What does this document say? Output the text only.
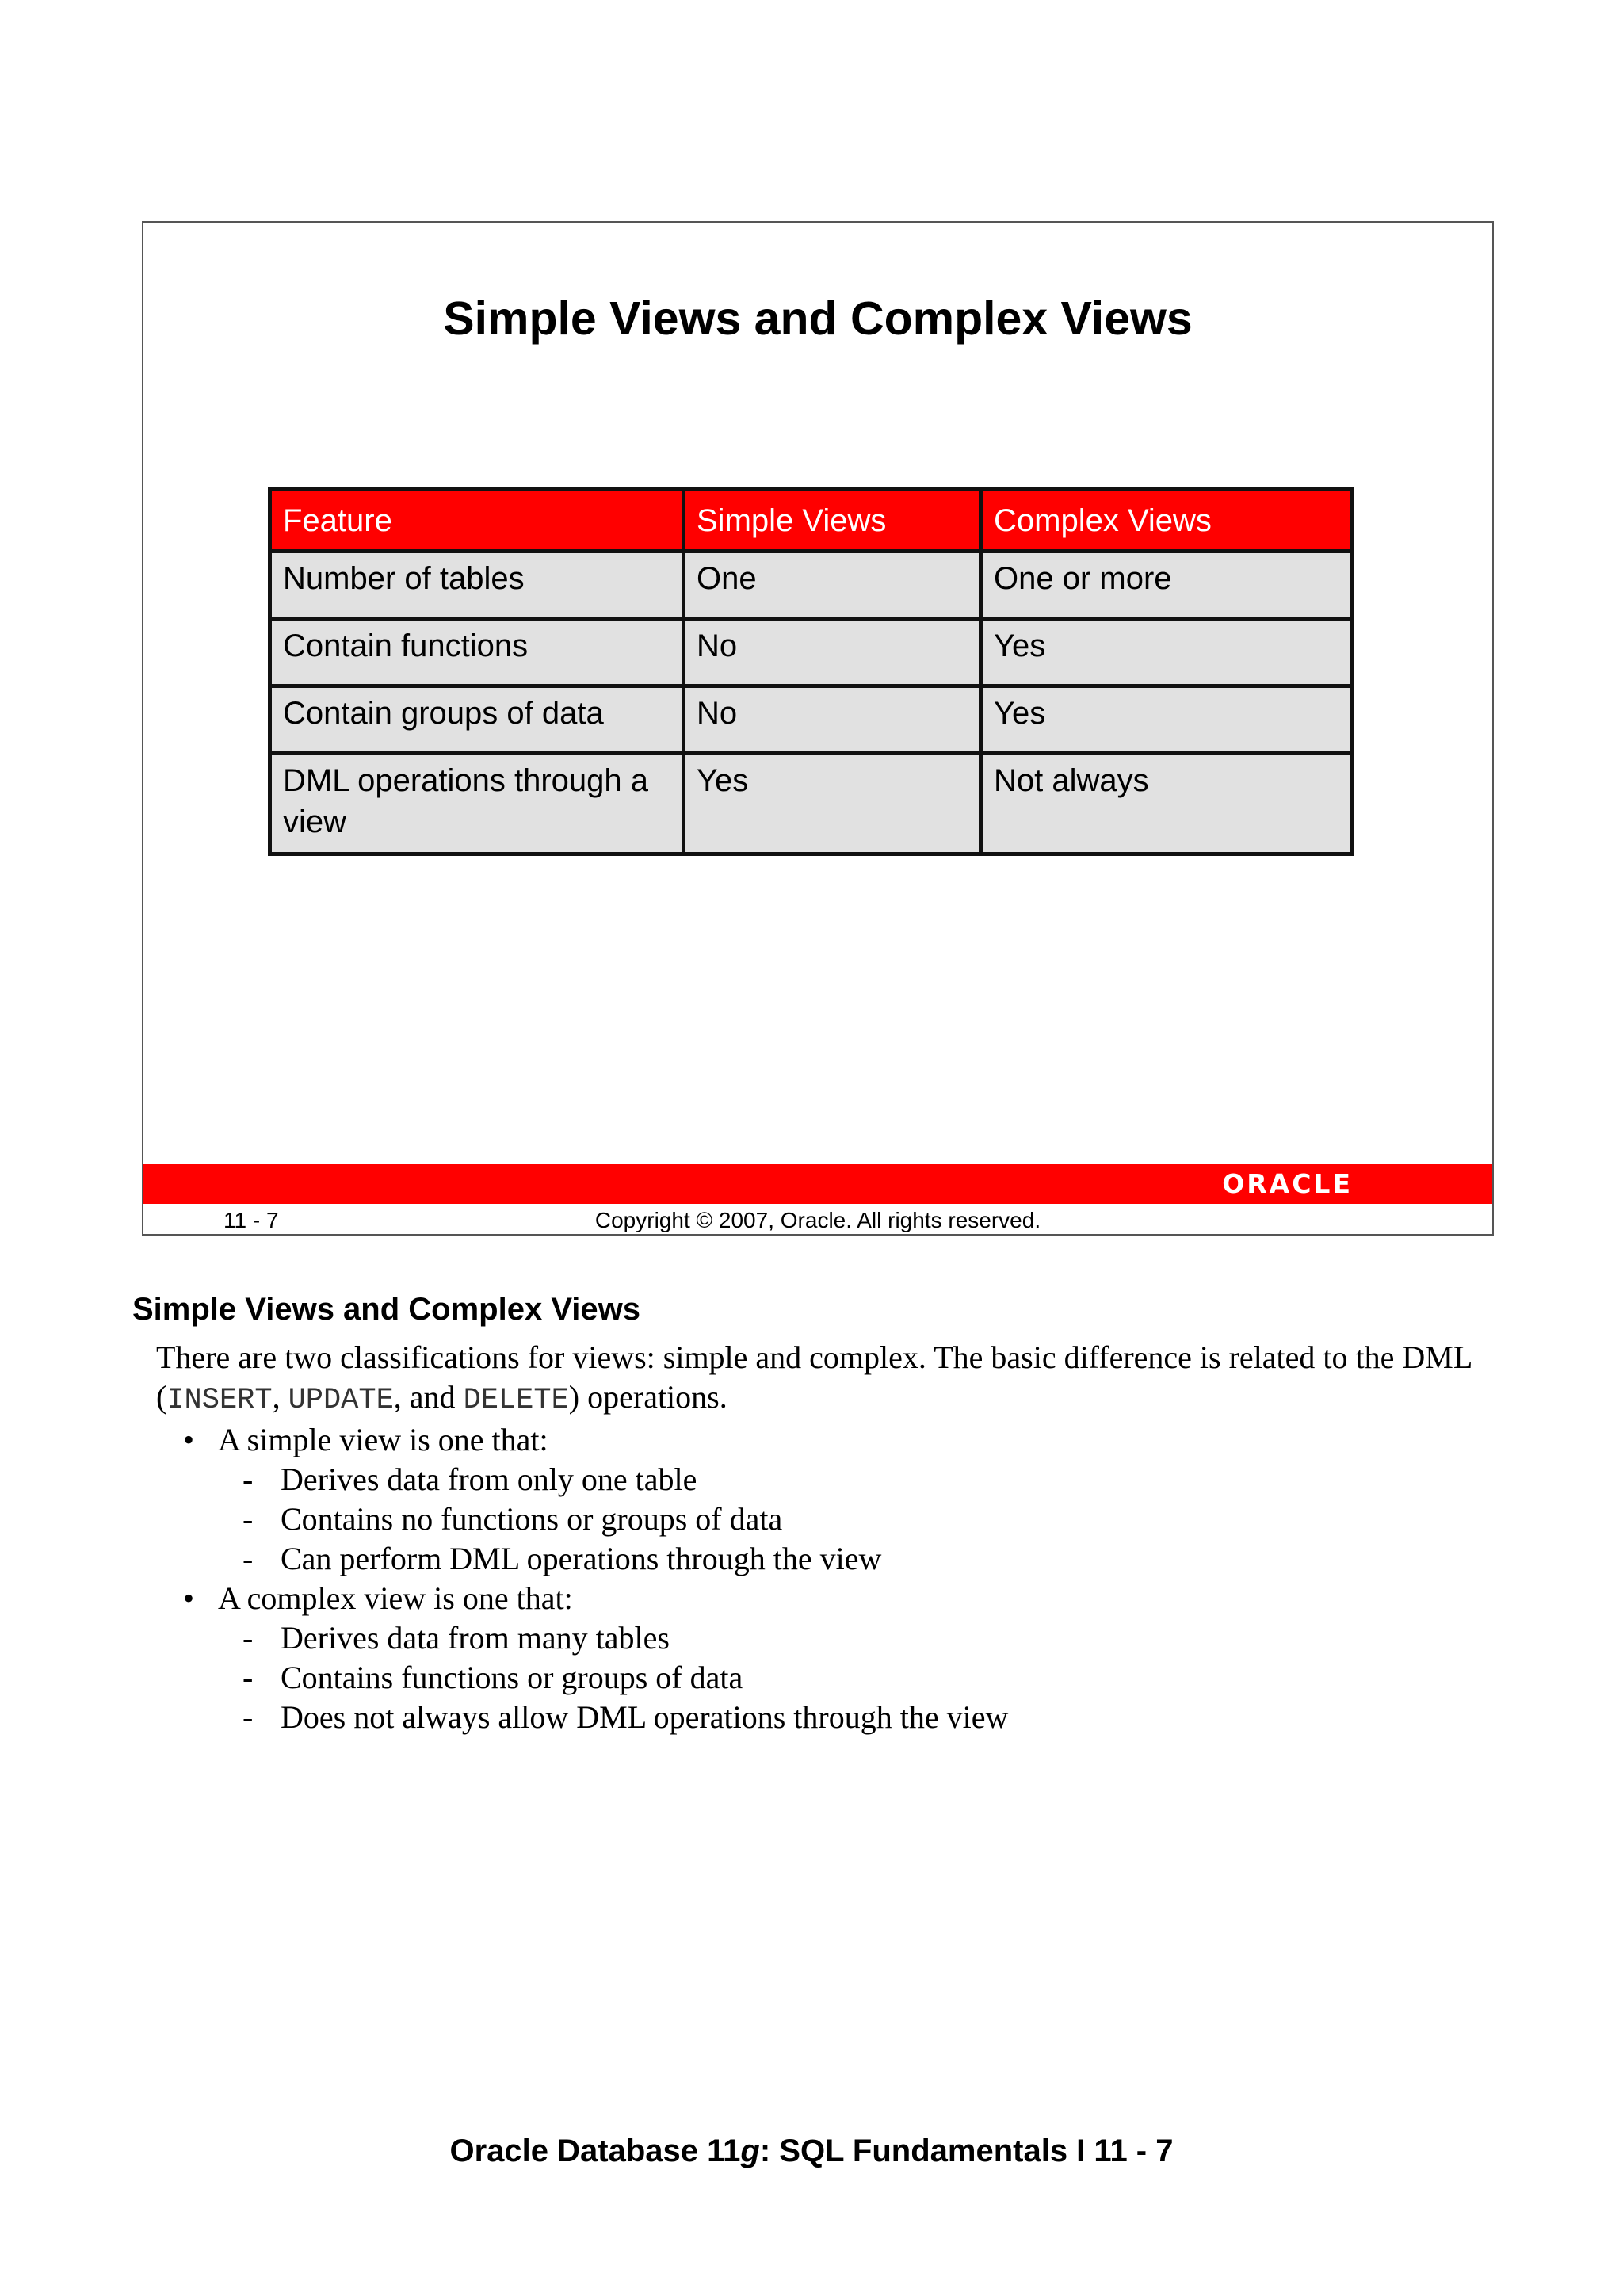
Simple Views and Complex Views
Feature	Simple Views	Complex Views
Number of tables	One	One or more
Contain functions	No	Yes
Contain groups of data	No	Yes
DML operations through a view	Yes	Not always
ORACLE
11 - 7	Copyright © 2007, Oracle. All rights reserved.
Simple Views and Complex Views

There are two classifications for views: simple and complex. The basic difference is related to the DML (INSERT, UPDATE, and DELETE) operations.

• A simple view is one that:

- Derives data from only one table

- Contains no functions or groups of data

- Can perform DML operations through the view

• A complex view is one that:

- Derives data from many tables

- Contains functions or groups of data

- Does not always allow DML operations through the view

Oracle Database 11g: SQL Fundamentals I 11 - 7
